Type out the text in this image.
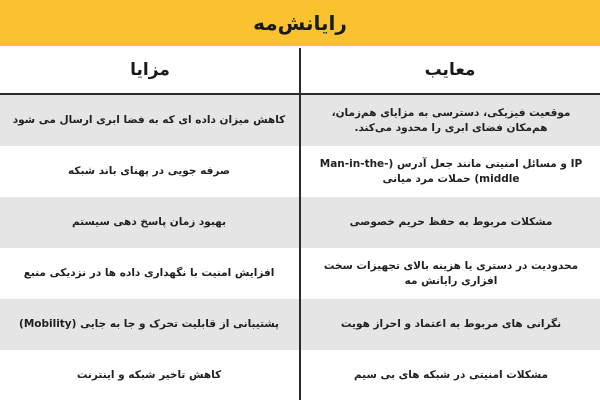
رایانش‌مه
معایب
مزایا
موقعیت فیزیکی، دسترسی به مزایای هم‌زمان، هم‌مکان فضای ابری را محدود می‌کند.
کاهش میزان داده ای که به فضا ابری ارسال می شود
IP و مسائل امنیتی مانند جعل آدرس (Man-in-the-middle) حملات مرد میانی
صرفه جویی در پهنای باند شبکه
مشکلات مربوط به حفظ حریم خصوصی
بهبود زمان پاسخ دهی سیستم
محدودیت در دستری یا هزینه بالای تجهیزات سخت افزاری رایانش مه
افزایش امنیت با نگهداری داده ها در نزدیکی منبع
نگرانی های مربوط به اعتماد و احراز هویت
پشتیبانی از قابلیت تحرک و جا به جایی (Mobility)
مشکلات امنیتی در شبکه های بی سیم
کاهش تاخیر شبکه و اینترنت
